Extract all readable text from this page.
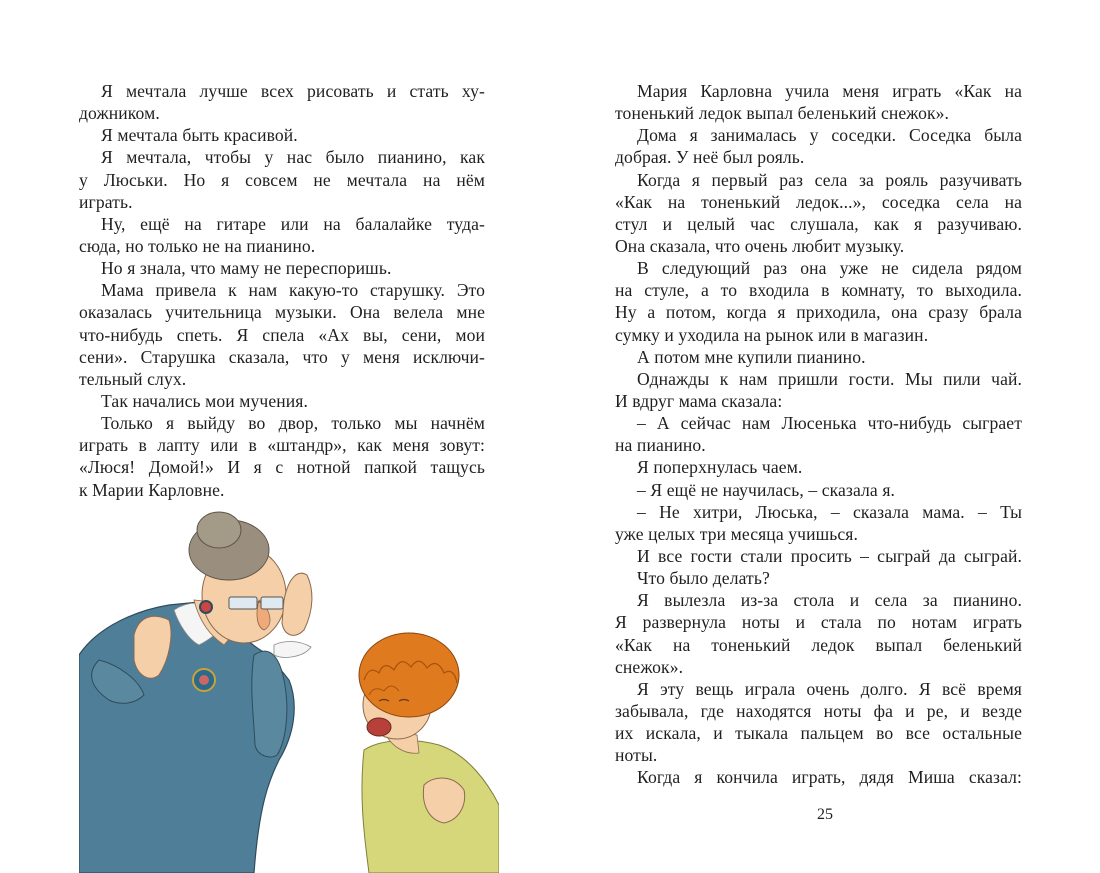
Я мечтала лучше всех рисовать и стать ху-
дожником.
Я мечтала быть красивой.
Я мечтала, чтобы у нас было пианино, как
у Люськи. Но я совсем не мечтала на нём
играть.
Ну, ещё на гитаре или на балалайке туда-
сюда, но только не на пианино.
Но я знала, что маму не переспоришь.
Мама привела к нам какую-то старушку. Это
оказалась учительница музыки. Она велела мне
что-нибудь спеть. Я спела «Ах вы, сени, мои
сени». Старушка сказала, что у меня исключи-
тельный слух.
Так начались мои мучения.
Только я выйду во двор, только мы начнём
играть в лапту или в «штандр», как меня зовут:
«Люся! Домой!» И я с нотной папкой тащусь
к Марии Карловне.
Мария Карловна учила меня играть «Как на
тоненький ледок выпал беленький снежок».
Дома я занималась у соседки. Соседка была
добрая. У неё был рояль.
Когда я первый раз села за рояль разучивать
«Как на тоненький ледок...», соседка села на
стул и целый час слушала, как я разучиваю.
Она сказала, что очень любит музыку.
В следующий раз она уже не сидела рядом
на стуле, а то входила в комнату, то выходила.
Ну а потом, когда я приходила, она сразу брала
сумку и уходила на рынок или в магазин.
А потом мне купили пианино.
Однажды к нам пришли гости. Мы пили чай.
И вдруг мама сказала:
– А сейчас нам Люсенька что-нибудь сыграет
на пианино.
Я поперхнулась чаем.
– Я ещё не научилась, – сказала я.
– Не хитри, Люська, – сказала мама. – Ты
уже целых три месяца учишься.
И все гости стали просить – сыграй да сыграй.
Что было делать?
Я вылезла из-за стола и села за пианино.
Я развернула ноты и стала по нотам играть
«Как на тоненький ледок выпал беленький
снежок».
Я эту вещь играла очень долго. Я всё время
забывала, где находятся ноты фа и ре, и везде
их искала, и тыкала пальцем во все остальные
ноты.
Когда я кончила играть, дядя Миша сказал:
25
